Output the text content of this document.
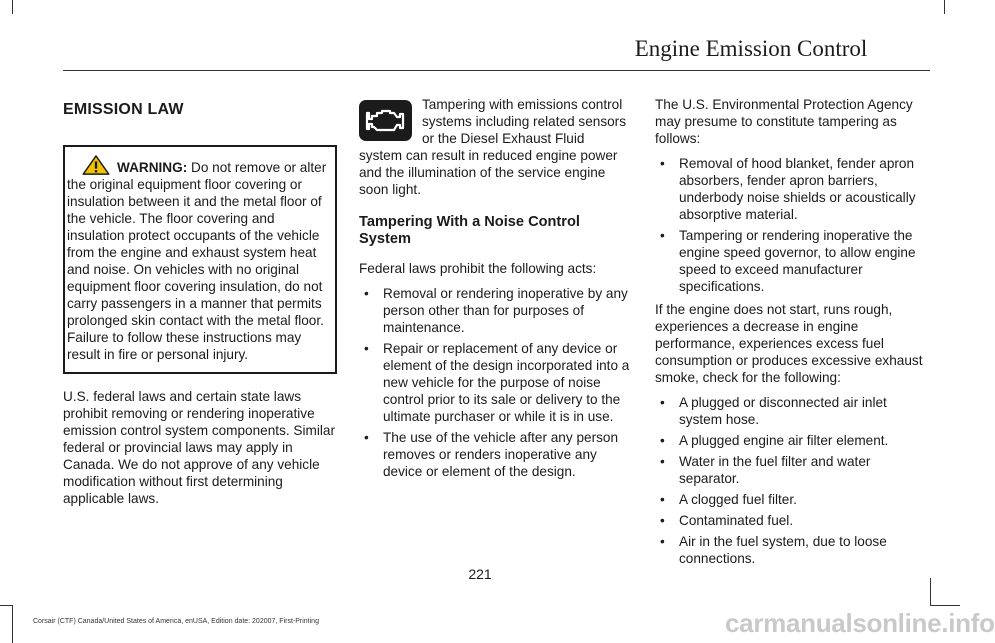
Engine Emission Control
EMISSION LAW

WARNING: Do not remove or alter the original equipment floor covering or insulation between it and the metal floor of the vehicle. The floor covering and insulation protect occupants of the vehicle from the engine and exhaust system heat and noise. On vehicles with no original equipment floor covering insulation, do not carry passengers in a manner that permits prolonged skin contact with the metal floor. Failure to follow these instructions may result in fire or personal injury.

U.S. federal laws and certain state laws prohibit removing or rendering inoperative emission control system components. Similar federal or provincial laws may apply in Canada. We do not approve of any vehicle modification without first determining applicable laws.

Tampering with emissions control systems including related sensors or the Diesel Exhaust Fluid system can result in reduced engine power and the illumination of the service engine soon light.

Tampering With a Noise Control System

Federal laws prohibit the following acts:

• Removal or rendering inoperative by any person other than for purposes of maintenance.
• Repair or replacement of any device or element of the design incorporated into a new vehicle for the purpose of noise control prior to its sale or delivery to the ultimate purchaser or while it is in use.
• The use of the vehicle after any person removes or renders inoperative any device or element of the design.

The U.S. Environmental Protection Agency may presume to constitute tampering as follows:

• Removal of hood blanket, fender apron absorbers, fender apron barriers, underbody noise shields or acoustically absorptive material.
• Tampering or rendering inoperative the engine speed governor, to allow engine speed to exceed manufacturer specifications.

If the engine does not start, runs rough, experiences a decrease in engine performance, experiences excess fuel consumption or produces excessive exhaust smoke, check for the following:

• A plugged or disconnected air inlet system hose.
• A plugged engine air filter element.
• Water in the fuel filter and water separator.
• A clogged fuel filter.
• Contaminated fuel.
• Air in the fuel system, due to loose connections.
221
Corsair (CTF) Canada/United States of America, enUSA, Edition date: 202007, First-Printing	carmanualsonline.info
